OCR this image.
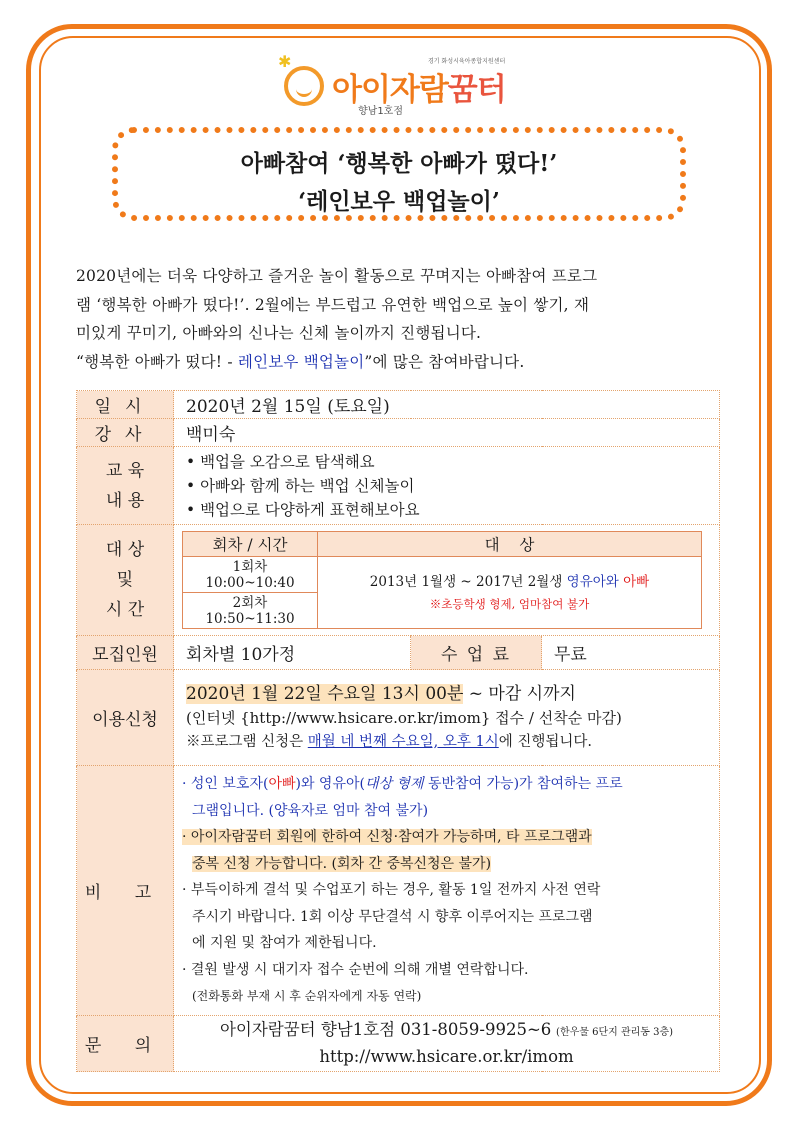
✱	경기 화성시육아종합지원센터
아이자람꿈터
향남1호점
아빠참여 ‘행복한 아빠가 떴다!’
‘레인보우 백업놀이’
2020년에는 더욱 다양하고 즐거운 놀이 활동으로 꾸며지는 아빠참여 프로그
램 ‘행복한 아빠가 떴다!’. 2월에는 부드럽고 유연한 백업으로 높이 쌓기, 재
미있게 꾸미기, 아빠와의 신나는 신체 놀이까지 진행됩니다.
“행복한 아빠가 떴다! - 레인보우 백업놀이”에 많은 참여바랍니다.
일시	2020년 2월 15일 (토요일)
강사	백미숙

교 육
내 용

• 백업을 오감으로 탐색해요
• 아빠와 함께 하는 백업 신체놀이
• 백업으로 다양하게 표현해보아요

대 상
및
시 간

회차 / 시간	대    상

1회차
10:00~10:40	2013년 1월생 ~ 2017년 2월생 영유아와 아빠
※초등학생 형제, 엄마참여 불가

2회차
10:50~11:30

모집인원	회차별 10가정	수 업 료	무료
이용신청	
2020년 1월 22일 수요일 13시 00분 ~ 마감 시까지
(인터넷 {http://www.hsicare.or.kr/imom} 접수 / 선착순 마감)
※프로그램 신청은 매월 네 번째 수요일, 오후 1시에 진행됩니다.

비 고	
· 성인 보호자(아빠)와 영유아(대상 형제 동반참여 가능)가 참여하는 프로
그램입니다. (양육자로 엄마 참여 불가)
· 아이자람꿈터 회원에 한하여 신청·참여가 가능하며, 타 프로그램과
중복 신청 가능합니다. (회차 간 중복신청은 불가)
· 부득이하게 결석 및 수업포기 하는 경우, 활동 1일 전까지 사전 연락
주시기 바랍니다. 1회 이상 무단결석 시 향후 이루어지는 프로그램
에 지원 및 참여가 제한됩니다.
· 결원 발생 시 대기자 접수 순번에 의해 개별 연락합니다.
(전화통화 부재 시 후 순위자에게 자동 연락)

문 의	
아이자람꿈터 향남1호점 031-8059-9925~6 (한우물 6단지 관리동 3층)
http://www.hsicare.or.kr/imom
